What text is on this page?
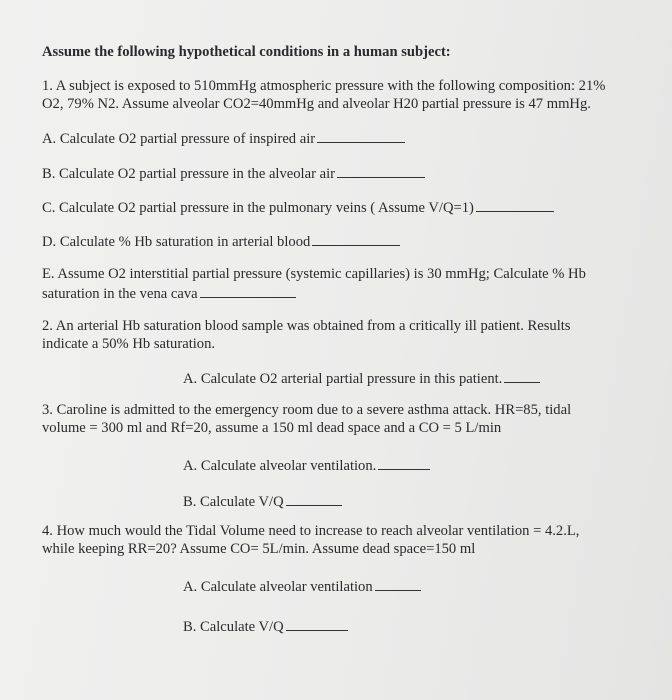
Assume the following hypothetical conditions in a human subject:
1. A subject is exposed to 510mmHg atmospheric pressure with the following composition: 21%
O2, 79% N2. Assume alveolar CO2=40mmHg and alveolar H20 partial pressure is 47 mmHg.
A. Calculate O2 partial pressure of inspired air
B. Calculate O2 partial pressure in the alveolar air
C. Calculate O2 partial pressure in the pulmonary veins ( Assume V/Q=1)
D. Calculate % Hb saturation in arterial blood
E. Assume O2 interstitial partial pressure (systemic capillaries) is 30 mmHg; Calculate % Hb
saturation in the vena cava
2. An arterial Hb saturation blood sample was obtained from a critically ill patient. Results
indicate a 50% Hb saturation.
A. Calculate O2 arterial partial pressure in this patient.
3. Caroline is admitted to the emergency room due to a severe asthma attack. HR=85, tidal
volume = 300 ml and Rf=20, assume a 150 ml dead space and a CO = 5 L/min
A. Calculate alveolar ventilation.
B. Calculate V/Q
4. How much would the Tidal Volume need to increase to reach alveolar ventilation = 4.2.L,
while keeping RR=20? Assume CO= 5L/min. Assume dead space=150 ml
A. Calculate alveolar ventilation
B. Calculate V/Q
